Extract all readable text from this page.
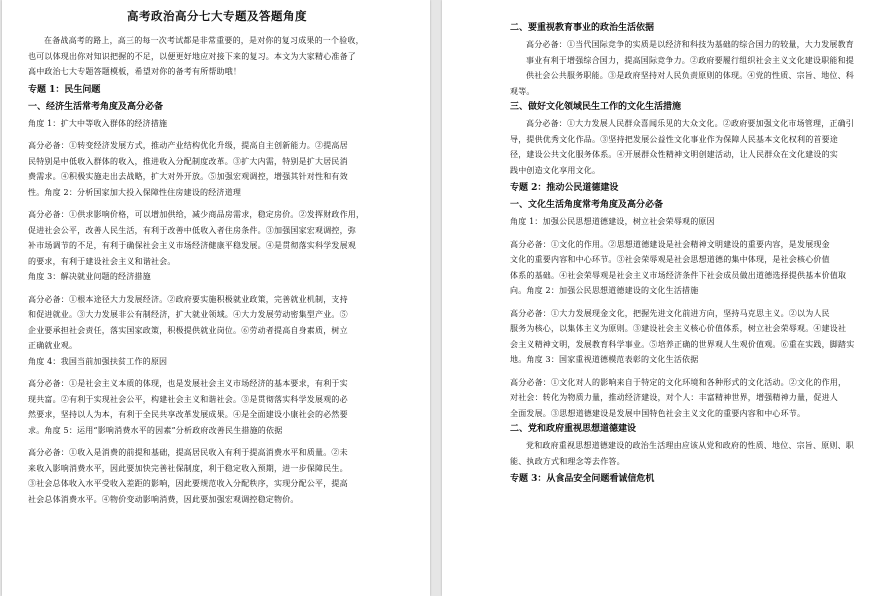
高考政治高分七大专题及答题角度

在备战高考的路上，高三的每一次考试都是非常重要的，是对你的复习成果的一个验收，

也可以体现出你对知识把握的不足，以便更好地应对接下来的复习。本文为大家精心准备了

高中政治七大专题答题模板，希望对你的备考有所帮助哦！

专题 1：民生问题
一、经济生活常考角度及高分必备

角度 1：扩大中等收入群体的经济措施

高分必备：①转变经济发展方式，推动产业结构优化升级，提高自主创新能力。②提高居

民特别是中低收入群体的收入，推进收入分配制度改革。③扩大内需，特别是扩大居民消

费需求。④积极实施走出去战略，扩大对外开放。⑤加强宏观调控，增强其针对性和有效

性。角度 2：分析国家加大投入保障性住房建设的经济道理

高分必备：①供求影响价格，可以增加供给，减少商品房需求，稳定房价。②发挥财政作用，

促进社会公平，改善人民生活，有利于改善中低收入者住房条件。③加强国家宏观调控，弥

补市场调节的不足，有利于确保社会主义市场经济健康平稳发展。④是贯彻落实科学发展观

的要求，有利于建设社会主义和谐社会。

角度 3：解决就业问题的经济措施

高分必备：①根本途径大力发展经济。②政府要实施积极就业政策，完善就业机制，支持

和促进就业。③大力发展非公有制经济，扩大就业领域。④大力发展劳动密集型产业。⑤

企业要承担社会责任，落实国家政策，积极提供就业岗位。⑥劳动者提高自身素质，树立

正确就业观。

角度 4：我国当前加强扶贫工作的原因

高分必备：①是社会主义本质的体现，也是发展社会主义市场经济的基本要求，有利于实

现共富。②有利于实现社会公平，构建社会主义和谐社会。③是贯彻落实科学发展观的必

然要求，坚持以人为本，有利于全民共享改革发展成果。④是全面建设小康社会的必然要

求。角度 5：运用“影响消费水平的因素”分析政府改善民生措施的依据

高分必备：①收入是消费的前提和基础，提高居民收入有利于提高消费水平和质量。②未

来收入影响消费水平，因此要加快完善社保制度，利于稳定收入预期，进一步保障民生。

③社会总体收入水平受收入差距的影响，因此要规范收入分配秩序，实现分配公平，提高

社会总体消费水平。④物价变动影响消费，因此要加强宏观调控稳定物价。

二、要重视教育事业的政治生活依据

高分必备：①当代国际竞争的实质是以经济和科技为基础的综合国力的较量，大力发展教育

事业有利于增强综合国力，提高国际竞争力。②政府要履行组织社会主义文化建设职能和提

供社会公共服务职能。③是政府坚持对人民负责原则的体现。④党的性质、宗旨、地位、科

观等。

三、做好文化领域民生工作的文化生活措施

高分必备：①大力发展人民群众喜闻乐见的大众文化。②政府要加强文化市场管理，正确引

导，提供优秀文化作品。③坚持把发展公益性文化事业作为保障人民基本文化权利的首要途

径，建设公共文化服务体系。④开展群众性精神文明创建活动，让人民群众在文化建设的实

践中创造文化享用文化。

专题 2：推动公民道德建设
一、文化生活角度常考角度及高分必备

角度 1：加强公民思想道德建设，树立社会荣辱观的原因

高分必备：①文化的作用。②思想道德建设是社会精神文明建设的重要内容，是发展现金

文化的重要内容和中心环节。③社会荣辱观是社会思想道德的集中体现，是社会核心价值

体系的基础。④社会荣辱观是社会主义市场经济条件下社会成员做出道德选择提供基本价值取

向。角度 2：加强公民思想道德建设的文化生活措施

高分必备：①大力发展现金文化，把握先进文化前进方向，坚持马克思主义。②以为人民

服务为核心，以集体主义为原则。③建设社会主义核心价值体系，树立社会荣辱观。④建设社

会主义精神文明，发展教育科学事业。⑤培养正确的世界观人生观价值观。⑥重在实践，脚踏实

地。角度 3：国家重视道德模范表彰的文化生活依据

高分必备：①文化对人的影响来自于特定的文化环境和各种形式的文化活动。②文化的作用，

对社会：转化为物质力量，推动经济建设，对个人：丰富精神世界，增强精神力量，促进人

全面发展。③思想道德建设是发展中国特色社会主义文化的重要内容和中心环节。

二、党和政府重视思想道德建设

党和政府重视思想道德建设的政治生活理由应该从党和政府的性质、地位、宗旨、原则、职

能、执政方式和理念等去作答。

专题 3：从食品安全问题看诚信危机
